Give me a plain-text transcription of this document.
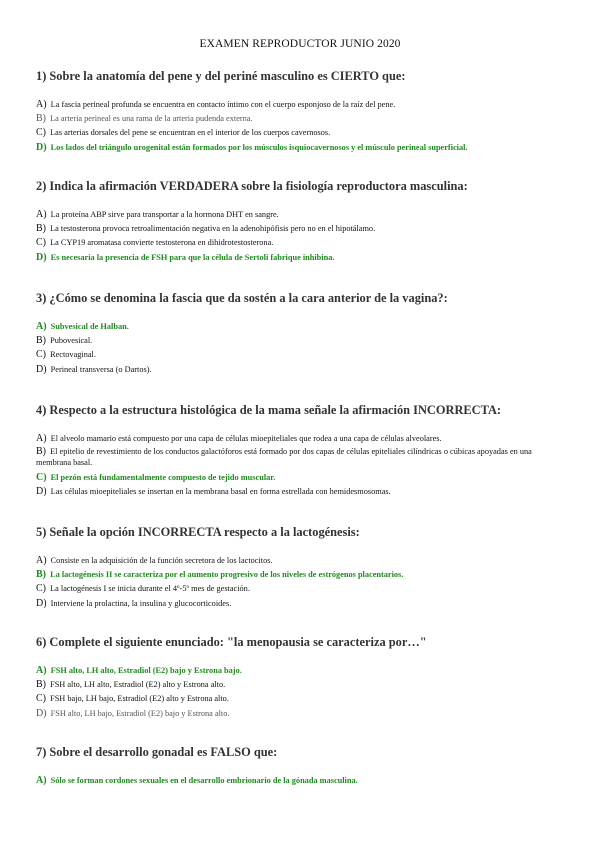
EXAMEN REPRODUCTOR JUNIO 2020
1) Sobre la anatomía del pene y del periné masculino es CIERTO que:
A) La fascia perineal profunda se encuentra en contacto íntimo con el cuerpo esponjoso de la raíz del pene.
B) La arteria perineal es una rama de la arteria pudenda externa.
C) Las arterias dorsales del pene se encuentran en el interior de los cuerpos cavernosos.
D) Los lados del triángulo urogenital están formados por los músculos isquiocavernosos y el músculo perineal superficial.
2) Indica la afirmación VERDADERA sobre la fisiología reproductora masculina:
A) La proteína ABP sirve para transportar a la hormona DHT en sangre.
B) La testosterona provoca retroalimentación negativa en la adenohipófisis pero no en el hipotálamo.
C) La CYP19 aromatasa convierte testosterona en dihidrotestosterona.
D) Es necesaria la presencia de FSH para que la célula de Sertoli fabrique inhibina.
3) ¿Cómo se denomina la fascia que da sostén a la cara anterior de la vagina?:
A) Subvesical de Halban.
B) Pubovesical.
C) Rectovaginal.
D) Perineal transversa (o Dartos).
4) Respecto a la estructura histológica de la mama señale la afirmación INCORRECTA:
A) El alveolo mamario está compuesto por una capa de células mioepiteliales que rodea a una capa de células alveolares.
B) El epitelio de revestimiento de los conductos galactóforos está formado por dos capas de células epiteliales cilíndricas o cúbicas apoyadas en una membrana basal.
C) El pezón está fundamentalmente compuesto de tejido muscular.
D) Las células mioepiteliales se insertan en la membrana basal en forma estrellada con hemidesmosomas.
5) Señale la opción INCORRECTA respecto a la lactogénesis:
A) Consiste en la adquisición de la función secretora de los lactocitos.
B) La lactogénesis II se caracteriza por el aumento progresivo de los niveles de estrógenos placentarios.
C) La lactogénesis I se inicia durante el 4º-5º mes de gestación.
D) Interviene la prolactina, la insulina y glucocorticoides.
6) Complete el siguiente enunciado: "la menopausia se caracteriza por…"
A) FSH alto, LH alto, Estradiol (E2) bajo y Estrona bajo.
B) FSH alto, LH alto, Estradiol (E2) alto y Estrona alto.
C) FSH bajo, LH bajo, Estradiol (E2) alto y Estrona alto.
D) FSH alto, LH bajo, Estradiol (E2) bajo y Estrona alto.
7) Sobre el desarrollo gonadal es FALSO que:
A) Sólo se forman cordones sexuales en el desarrollo embrionario de la gónada masculina.
